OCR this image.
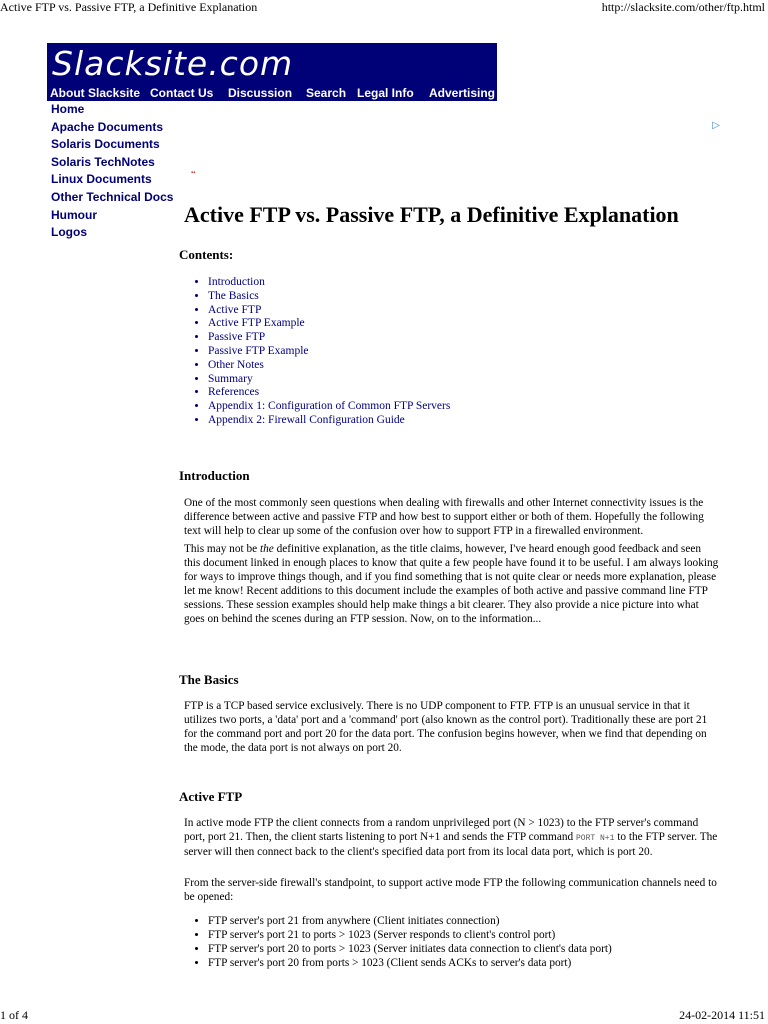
Active FTP vs. Passive FTP, a Definitive Explanation	http://slacksite.com/other/ftp.html
Slacksite.com
About Slacksite Contact Us	Discussion	Search Legal Info	Advertising
Home
Apache Documents
Solaris Documents
Solaris TechNotes
Linux Documents
Other Technical Docs
Humour
Logos
▷
▪▪
Active FTP vs. Passive FTP, a Definitive Explanation
Contents:
• Introduction
• The Basics
• Active FTP
• Active FTP Example
• Passive FTP
• Passive FTP Example
• Other Notes
• Summary
• References
• Appendix 1: Configuration of Common FTP Servers
• Appendix 2: Firewall Configuration Guide
Introduction

One of the most commonly seen questions when dealing with firewalls and other Internet connectivity issues is the difference between active and passive FTP and how best to support either or both of them. Hopefully the following text will help to clear up some of the confusion over how to support FTP in a firewalled environment.

This may not be the definitive explanation, as the title claims, however, I've heard enough good feedback and seen this document linked in enough places to know that quite a few people have found it to be useful. I am always looking for ways to improve things though, and if you find something that is not quite clear or needs more explanation, please let me know! Recent additions to this document include the examples of both active and passive command line FTP sessions. These session examples should help make things a bit clearer. They also provide a nice picture into what goes on behind the scenes during an FTP session. Now, on to the information...

The Basics

FTP is a TCP based service exclusively. There is no UDP component to FTP. FTP is an unusual service in that it utilizes two ports, a 'data' port and a 'command' port (also known as the control port). Traditionally these are port 21 for the command port and port 20 for the data port. The confusion begins however, when we find that depending on the mode, the data port is not always on port 20.

Active FTP

In active mode FTP the client connects from a random unprivileged port (N > 1023) to the FTP server's command port, port 21. Then, the client starts listening to port N+1 and sends the FTP command PORT N+1 to the FTP server. The server will then connect back to the client's specified data port from its local data port, which is port 20.

From the server-side firewall's standpoint, to support active mode FTP the following communication channels need to be opened:

• FTP server's port 21 from anywhere (Client initiates connection)
• FTP server's port 21 to ports > 1023 (Server responds to client's control port)
• FTP server's port 20 to ports > 1023 (Server initiates data connection to client's data port)
• FTP server's port 20 from ports > 1023 (Client sends ACKs to server's data port)
1 of 4	24-02-2014 11:51
